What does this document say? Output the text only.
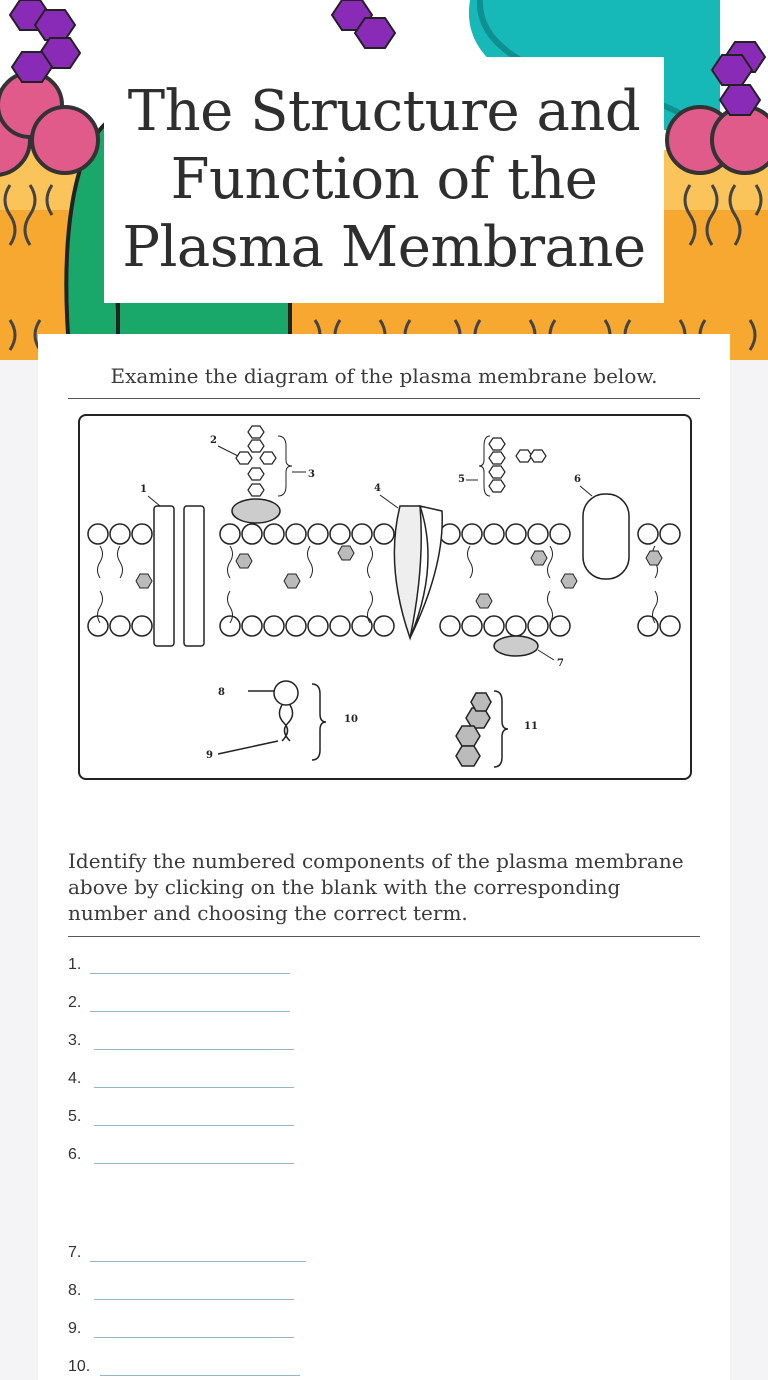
The Structure and Function of the Plasma Membrane
Examine the diagram of the plasma membrane below.
1
2
3
4
5	6
7
8
9
10
11
Identify the numbered components of the plasma membrane above by clicking on the blank with the corresponding number and choosing the correct term.
1.
2.
3.
4.
5.
6.
7.
8.
9.
10.
